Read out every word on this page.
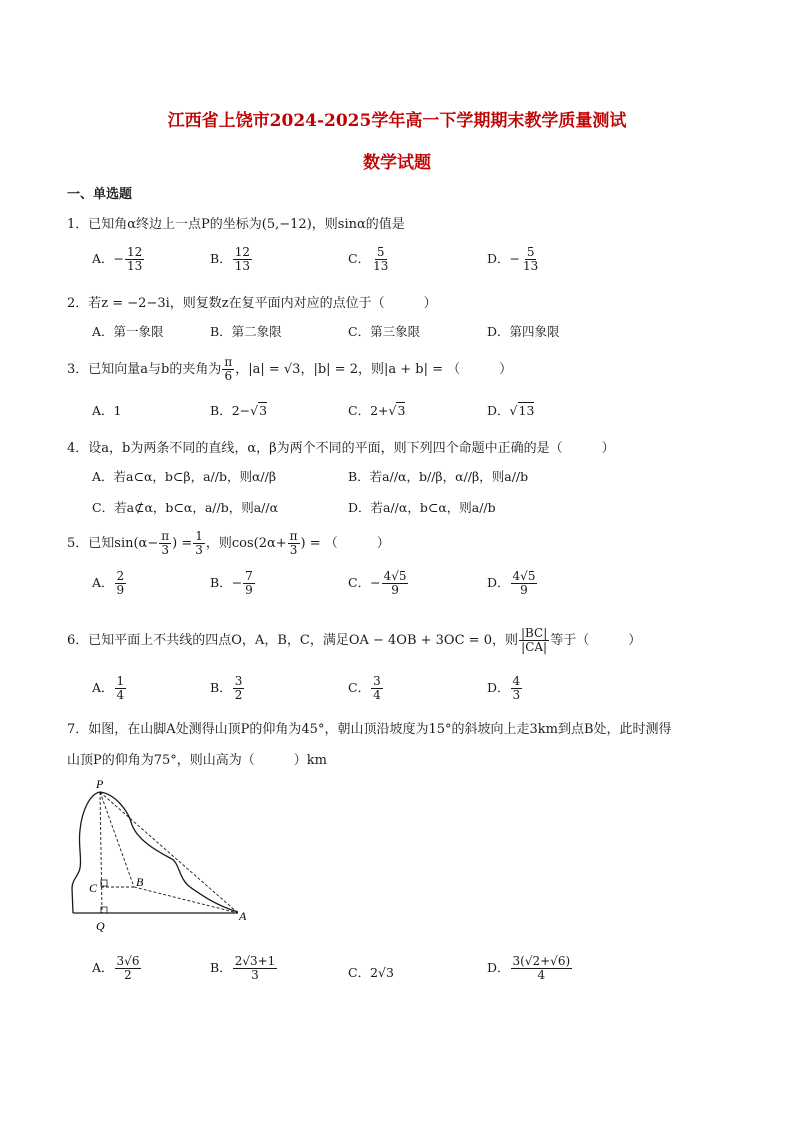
江西省上饶市2024-2025学年高一下学期期末教学质量测试
数学试题
一、单选题
1．已知角α终边上一点P的坐标为(5,−12)，则sinα的值是
A．− $\frac{12}{13}$	B． $\frac{12}{13}$	C． $\frac{5}{13}$	D．− $\frac{5}{13}$
2．若z = −2−3i，则复数z在复平面内对应的点位于（　　　）
A．第一象限	B．第二象限	C．第三象限	D．第四象限
3．已知向量a与b的夹角为 $\frac{\pi}{6}$ ，|a| = √3，|b| = 2，则|a + b| = （　　　）
A．1	B．2−√3	C．2+√3	D．√13
4．设a，b为两条不同的直线，α，β为两个不同的平面，则下列四个命题中正确的是（　　　）
A．若a⊂α，b⊂β，a//b，则α//β	B．若a//α，b//β，α//β，则a//b
C．若a⊄α，b⊂α，a//b，则a//α	D．若a//α，b⊂α，则a//b
5．已知$\sin(\alpha- \frac{\pi}{3}$ ) = $\frac{1}{3}$ ，则$\cos(2\alpha+ \frac{\pi}{3}$ ) = （　　　）
A． $\frac{2}{9}$	B．− $\frac{7}{9}$	C．− $\frac{4√5}{9}$	D． $\frac{4√5}{9}$
6．已知平面上不共线的四点O，A，B，C，满足OA − 4OB + 3OC = 0，则 $\frac{|BC|}{|CA|}$ 等于（　　　）
A． $\frac{1}{4}$	B． $\frac{3}{2}$	C． $\frac{3}{4}$	D． $\frac{4}{3}$
7．如图，在山脚A处测得山顶P的仰角为45°，朝山顶沿坡度为15°的斜坡向上走3km到点B处，此时测得
山顶P的仰角为75°，则山高为（　　　）km
P
B
C
Q
A
A． $\frac{3√6}{2}$	B． $\frac{2√3+1}{3}$	C．2√3	D． $\frac{3(√2+√6)}{4}$
